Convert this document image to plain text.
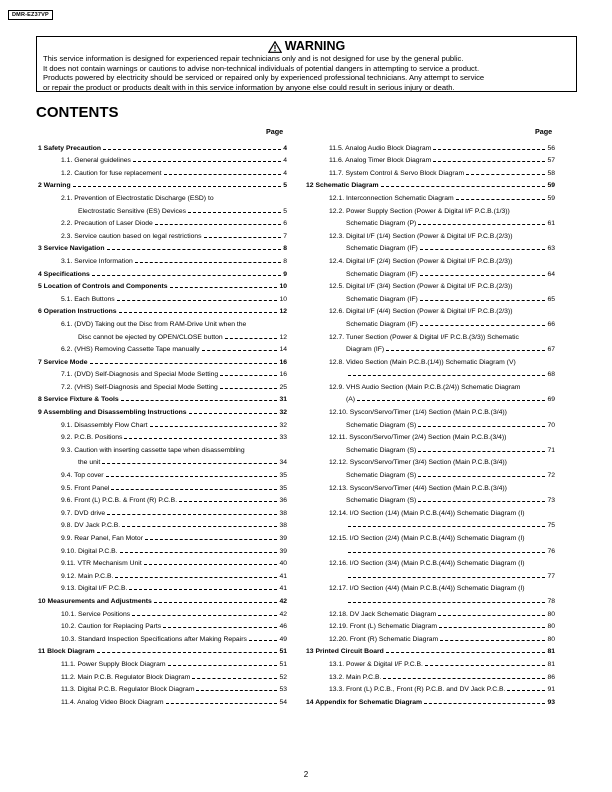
DMR-EZ37VP
WARNING
This service information is designed for experienced repair technicians only and is not designed for use by the general public.
It does not contain warnings or cautions to advise non-technical individuals of potential dangers in attempting to service a product.
Products powered by electricity should be serviced or repaired only by experienced professional technicians. Any attempt to service
or repair the product or products dealt with in this service information by anyone else could result in serious injury or death.
CONTENTS
Page	Page
1 Safety Precaution	4
1.1. General guidelines	4
1.2. Caution for fuse replacement	4
2 Warning	5
2.1. Prevention of Electrostatic Discharge (ESD) to
Electrostatic Sensitive (ES) Devices	5
2.2. Precaution of Laser Diode	6
2.3. Service caution based on legal restrictions	7
3 Service Navigation	8
3.1. Service Information	8
4 Specifications	9
5 Location of Controls and Components	10
5.1. Each Buttons	10
6 Operation Instructions	12
6.1. (DVD) Taking out the Disc from RAM-Drive Unit when the
Disc cannot be ejected by OPEN/CLOSE button	12
6.2. (VHS) Removing Cassette Tape manually	14
7 Service Mode	16
7.1. (DVD) Self-Diagnosis and Special Mode Setting	16
7.2. (VHS) Self-Diagnosis and Special Mode Setting	25
8 Service Fixture & Tools	31
9 Assembling and Disassembling Instructions	32
9.1. Disassembly Flow Chart	32
9.2. P.C.B. Positions	33
9.3. Caution with inserting cassette tape when disassembling
the unit	34
9.4. Top cover	35
9.5. Front Panel	35
9.6. Front (L) P.C.B. & Front (R) P.C.B.	36
9.7. DVD drive	38
9.8. DV Jack P.C.B.	38
9.9. Rear Panel, Fan Motor	39
9.10. Digital P.C.B.	39
9.11. VTR Mechanism Unit	40
9.12. Main P.C.B.	41
9.13. Digital I/F P.C.B.	41
10 Measurements and Adjustments	42
10.1. Service Positions	42
10.2. Caution for Replacing Parts	46
10.3. Standard Inspection Specifications after Making Repairs	49
11 Block Diagram	51
11.1. Power Supply Block Diagram	51
11.2. Main P.C.B. Regulator Block Diagram	52
11.3. Digital P.C.B. Regulator Block Diagram	53
11.4. Analog Video Block Diagram	54
11.5. Analog Audio Block Diagram	56
11.6. Analog Timer Block Diagram	57
11.7. System Control & Servo Block Diagram	58
12 Schematic Diagram	59
12.1. Interconnection Schematic Diagram	59
12.2. Power Supply Section (Power & Digital I/F P.C.B.(1/3))
Schematic Diagram (P)	61
12.3. Digital I/F (1/4) Section (Power & Digital I/F P.C.B.(2/3))
Schematic Diagram (IF)	63
12.4. Digital I/F (2/4) Section (Power & Digital I/F P.C.B.(2/3))
Schematic Diagram (IF)	64
12.5. Digital I/F (3/4) Section (Power & Digital I/F P.C.B.(2/3))
Schematic Diagram (IF)	65
12.6. Digital I/F (4/4) Section (Power & Digital I/F P.C.B.(2/3))
Schematic Diagram (IF)	66
12.7. Tuner Section (Power & Digital I/F P.C.B.(3/3)) Schematic
Diagram (IF)	67
12.8. Video Section (Main P.C.B.(1/4)) Schematic Diagram (V)
68
12.9. VHS Audio Section (Main P.C.B.(2/4)) Schematic Diagram
(A)	69
12.10. Syscon/Servo/Timer (1/4) Section (Main P.C.B.(3/4))
Schematic Diagram (S)	70
12.11. Syscon/Servo/Timer (2/4) Section (Main P.C.B.(3/4))
Schematic Diagram (S)	71
12.12. Syscon/Servo/Timer (3/4) Section (Main P.C.B.(3/4))
Schematic Diagram (S)	72
12.13. Syscon/Servo/Timer (4/4) Section (Main P.C.B.(3/4))
Schematic Diagram (S)	73
12.14. I/O Section (1/4) (Main P.C.B.(4/4)) Schematic Diagram (I)
75
12.15. I/O Section (2/4) (Main P.C.B.(4/4)) Schematic Diagram (I)
76
12.16. I/O Section (3/4) (Main P.C.B.(4/4)) Schematic Diagram (I)
77
12.17. I/O Section (4/4) (Main P.C.B.(4/4)) Schematic Diagram (I)
78
12.18. DV Jack Schematic Diagram	80
12.19. Front (L) Schematic Diagram	80
12.20. Front (R) Schematic Diagram	80
13 Printed Circuit Board	81
13.1. Power & Digital I/F P.C.B.	81
13.2. Main P.C.B.	86
13.3. Front (L) P.C.B., Front (R) P.C.B. and DV Jack P.C.B.	91
14 Appendix for Schematic Diagram	93
2
